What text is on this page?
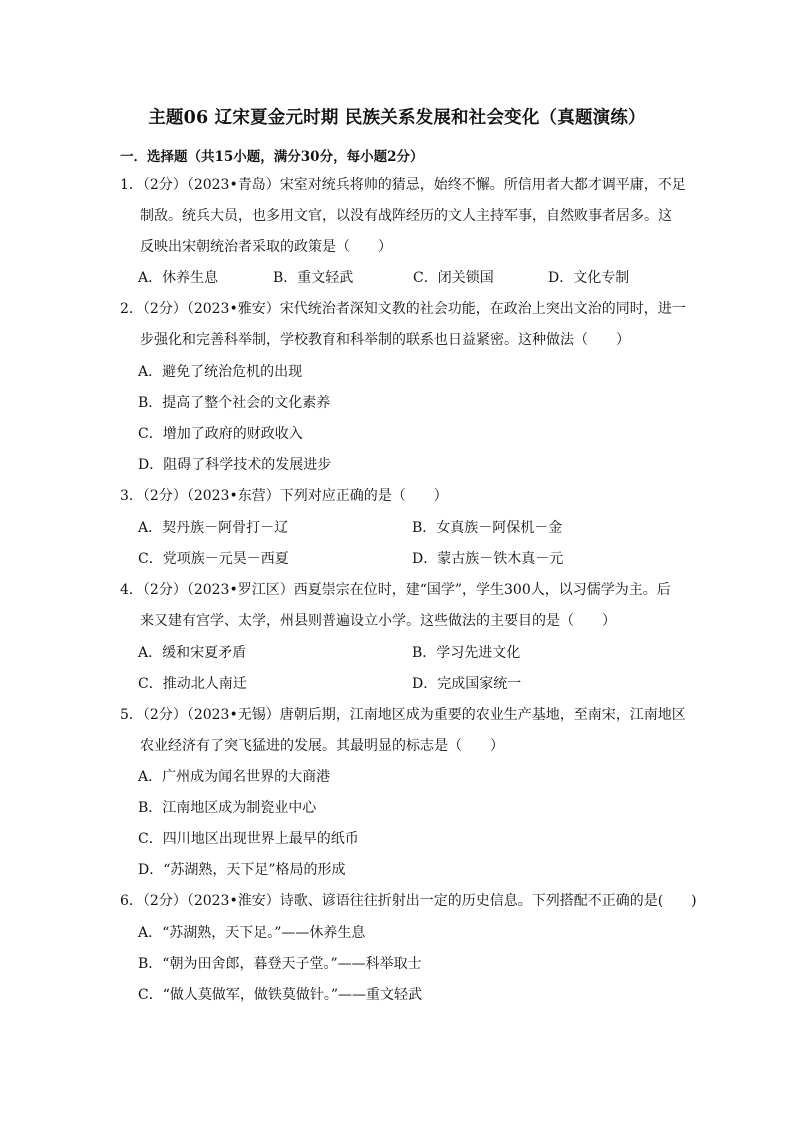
主题06 辽宋夏金元时期 民族关系发展和社会变化（真题演练）
一．选择题（共15小题，满分30分，每小题2分）
1．（2分）（2023•青岛）宋室对统兵将帅的猜忌，始终不懈。所信用者大都才调平庸，不足
制敌。统兵大员，也多用文官，以没有战阵经历的文人主持军事，自然败事者居多。这
反映出宋朝统治者采取的政策是（　　）
A．休养生息	B．重文轻武	C．闭关锁国	D．文化专制
2．（2分）（2023•雅安）宋代统治者深知文教的社会功能，在政治上突出文治的同时，进一
步强化和完善科举制，学校教育和科举制的联系也日益紧密。这种做法（　　）
A．避免了统治危机的出现
B．提高了整个社会的文化素养
C．增加了政府的财政收入
D．阻碍了科学技术的发展进步
3．（2分）（2023•东营）下列对应正确的是（　　）
A．契丹族－阿骨打－辽	B．女真族－阿保机－金
C．党项族－元昊－西夏	D．蒙古族－铁木真－元
4．（2分）（2023•罗江区）西夏崇宗在位时，建“国学”，学生300人，以习儒学为主。后
来又建有宫学、太学，州县则普遍设立小学。这些做法的主要目的是（　　）
A．缓和宋夏矛盾	B．学习先进文化
C．推动北人南迁	D．完成国家统一
5．（2分）（2023•无锡）唐朝后期，江南地区成为重要的农业生产基地，至南宋，江南地区
农业经济有了突飞猛进的发展。其最明显的标志是（　　）
A．广州成为闻名世界的大商港
B．江南地区成为制瓷业中心
C．四川地区出现世界上最早的纸币
D．“苏湖熟，天下足”格局的形成
6．（2分）（2023•淮安）诗歌、谚语往往折射出一定的历史信息。下列搭配不正确的是(　　)
A．“苏湖熟，天下足。”——休养生息
B．“朝为田舍郎，暮登天子堂。”——科举取士
C．“做人莫做军，做铁莫做针。”——重文轻武
